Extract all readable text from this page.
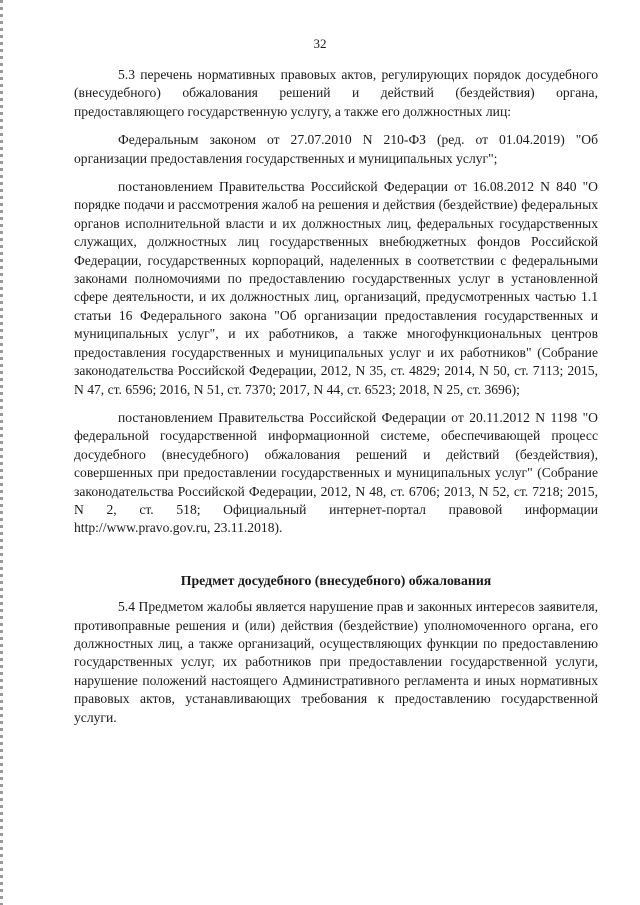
32

5.3 перечень нормативных правовых актов, регулирующих порядок досудебного (внесудебного) обжалования решений и действий (бездействия) органа, предоставляющего государственную услугу, а также его должностных лиц:

Федеральным законом от 27.07.2010 N 210-ФЗ (ред. от 01.04.2019) "Об организации предоставления государственных и муниципальных услуг";

постановлением Правительства Российской Федерации от 16.08.2012 N 840 "О порядке подачи и рассмотрения жалоб на решения и действия (бездействие) федеральных органов исполнительной власти и их должностных лиц, федеральных государственных служащих, должностных лиц государственных внебюджетных фондов Российской Федерации, государственных корпораций, наделенных в соответствии с федеральными законами полномочиями по предоставлению государственных услуг в установленной сфере деятельности, и их должностных лиц, организаций, предусмотренных частью 1.1 статьи 16 Федерального закона "Об организации предоставления государственных и муниципальных услуг", и их работников, а также многофункциональных центров предоставления государственных и муниципальных услуг и их работников" (Собрание законодательства Российской Федерации, 2012, N 35, ст. 4829; 2014, N 50, ст. 7113; 2015, N 47, ст. 6596; 2016, N 51, ст. 7370; 2017, N 44, ст. 6523; 2018, N 25, ст. 3696);

постановлением Правительства Российской Федерации от 20.11.2012 N 1198 "О федеральной государственной информационной системе, обеспечивающей процесс досудебного (внесудебного) обжалования решений и действий (бездействия), совершенных при предоставлении государственных и муниципальных услуг" (Собрание законодательства Российской Федерации, 2012, N 48, ст. 6706; 2013, N 52, ст. 7218; 2015, N 2, ст. 518; Официальный интернет-портал правовой информации http://www.pravo.gov.ru, 23.11.2018).

Предмет досудебного (внесудебного) обжалования

5.4 Предметом жалобы является нарушение прав и законных интересов заявителя, противоправные решения и (или) действия (бездействие) уполномоченного органа, его должностных лиц, а также организаций, осуществляющих функции по предоставлению государственных услуг, их работников при предоставлении государственной услуги, нарушение положений настоящего Административного регламента и иных нормативных правовых актов, устанавливающих требования к предоставлению государственной услуги.
